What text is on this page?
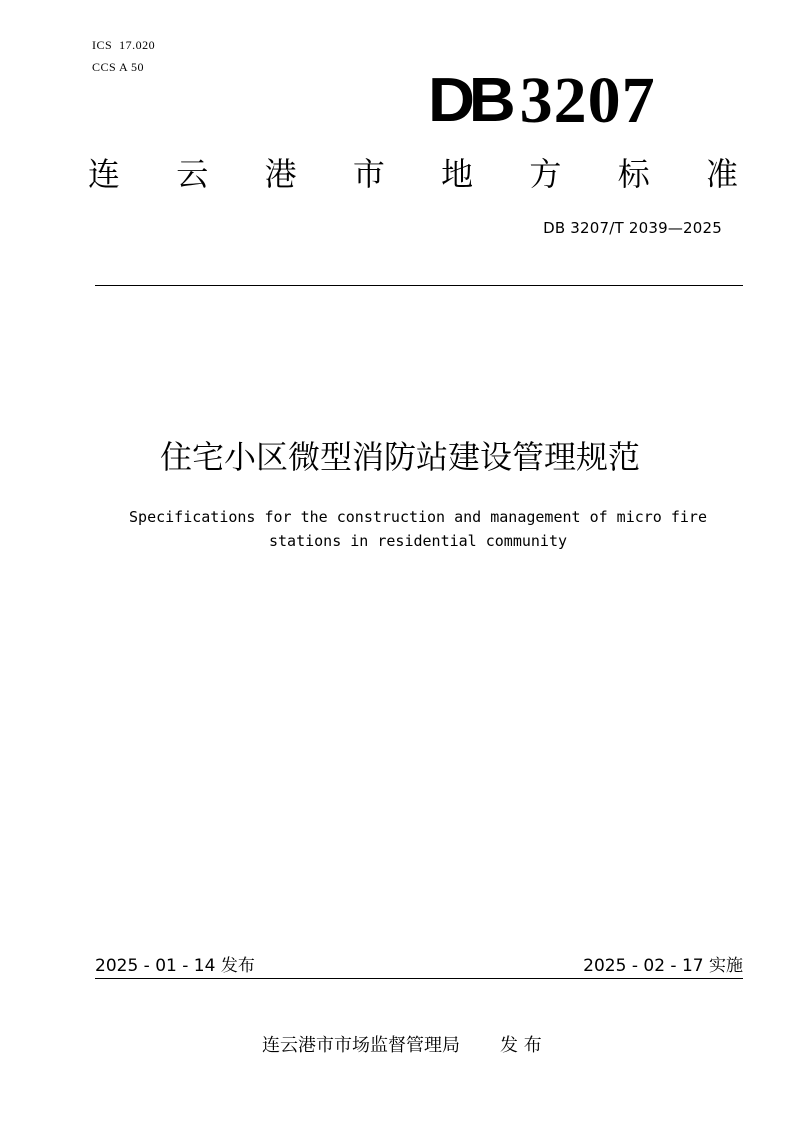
ICS  17.020
CCS A 50	DB 3207
连 云 港 市 地 方 标 准
DB 3207/T 2039—2025
住宅小区微型消防站建设管理规范
Specifications for the construction and management of micro fire
stations in residential community
2025 - 01 - 14 发布	2025 - 02 - 17 实施
连云港市市场监督管理局 发 布
